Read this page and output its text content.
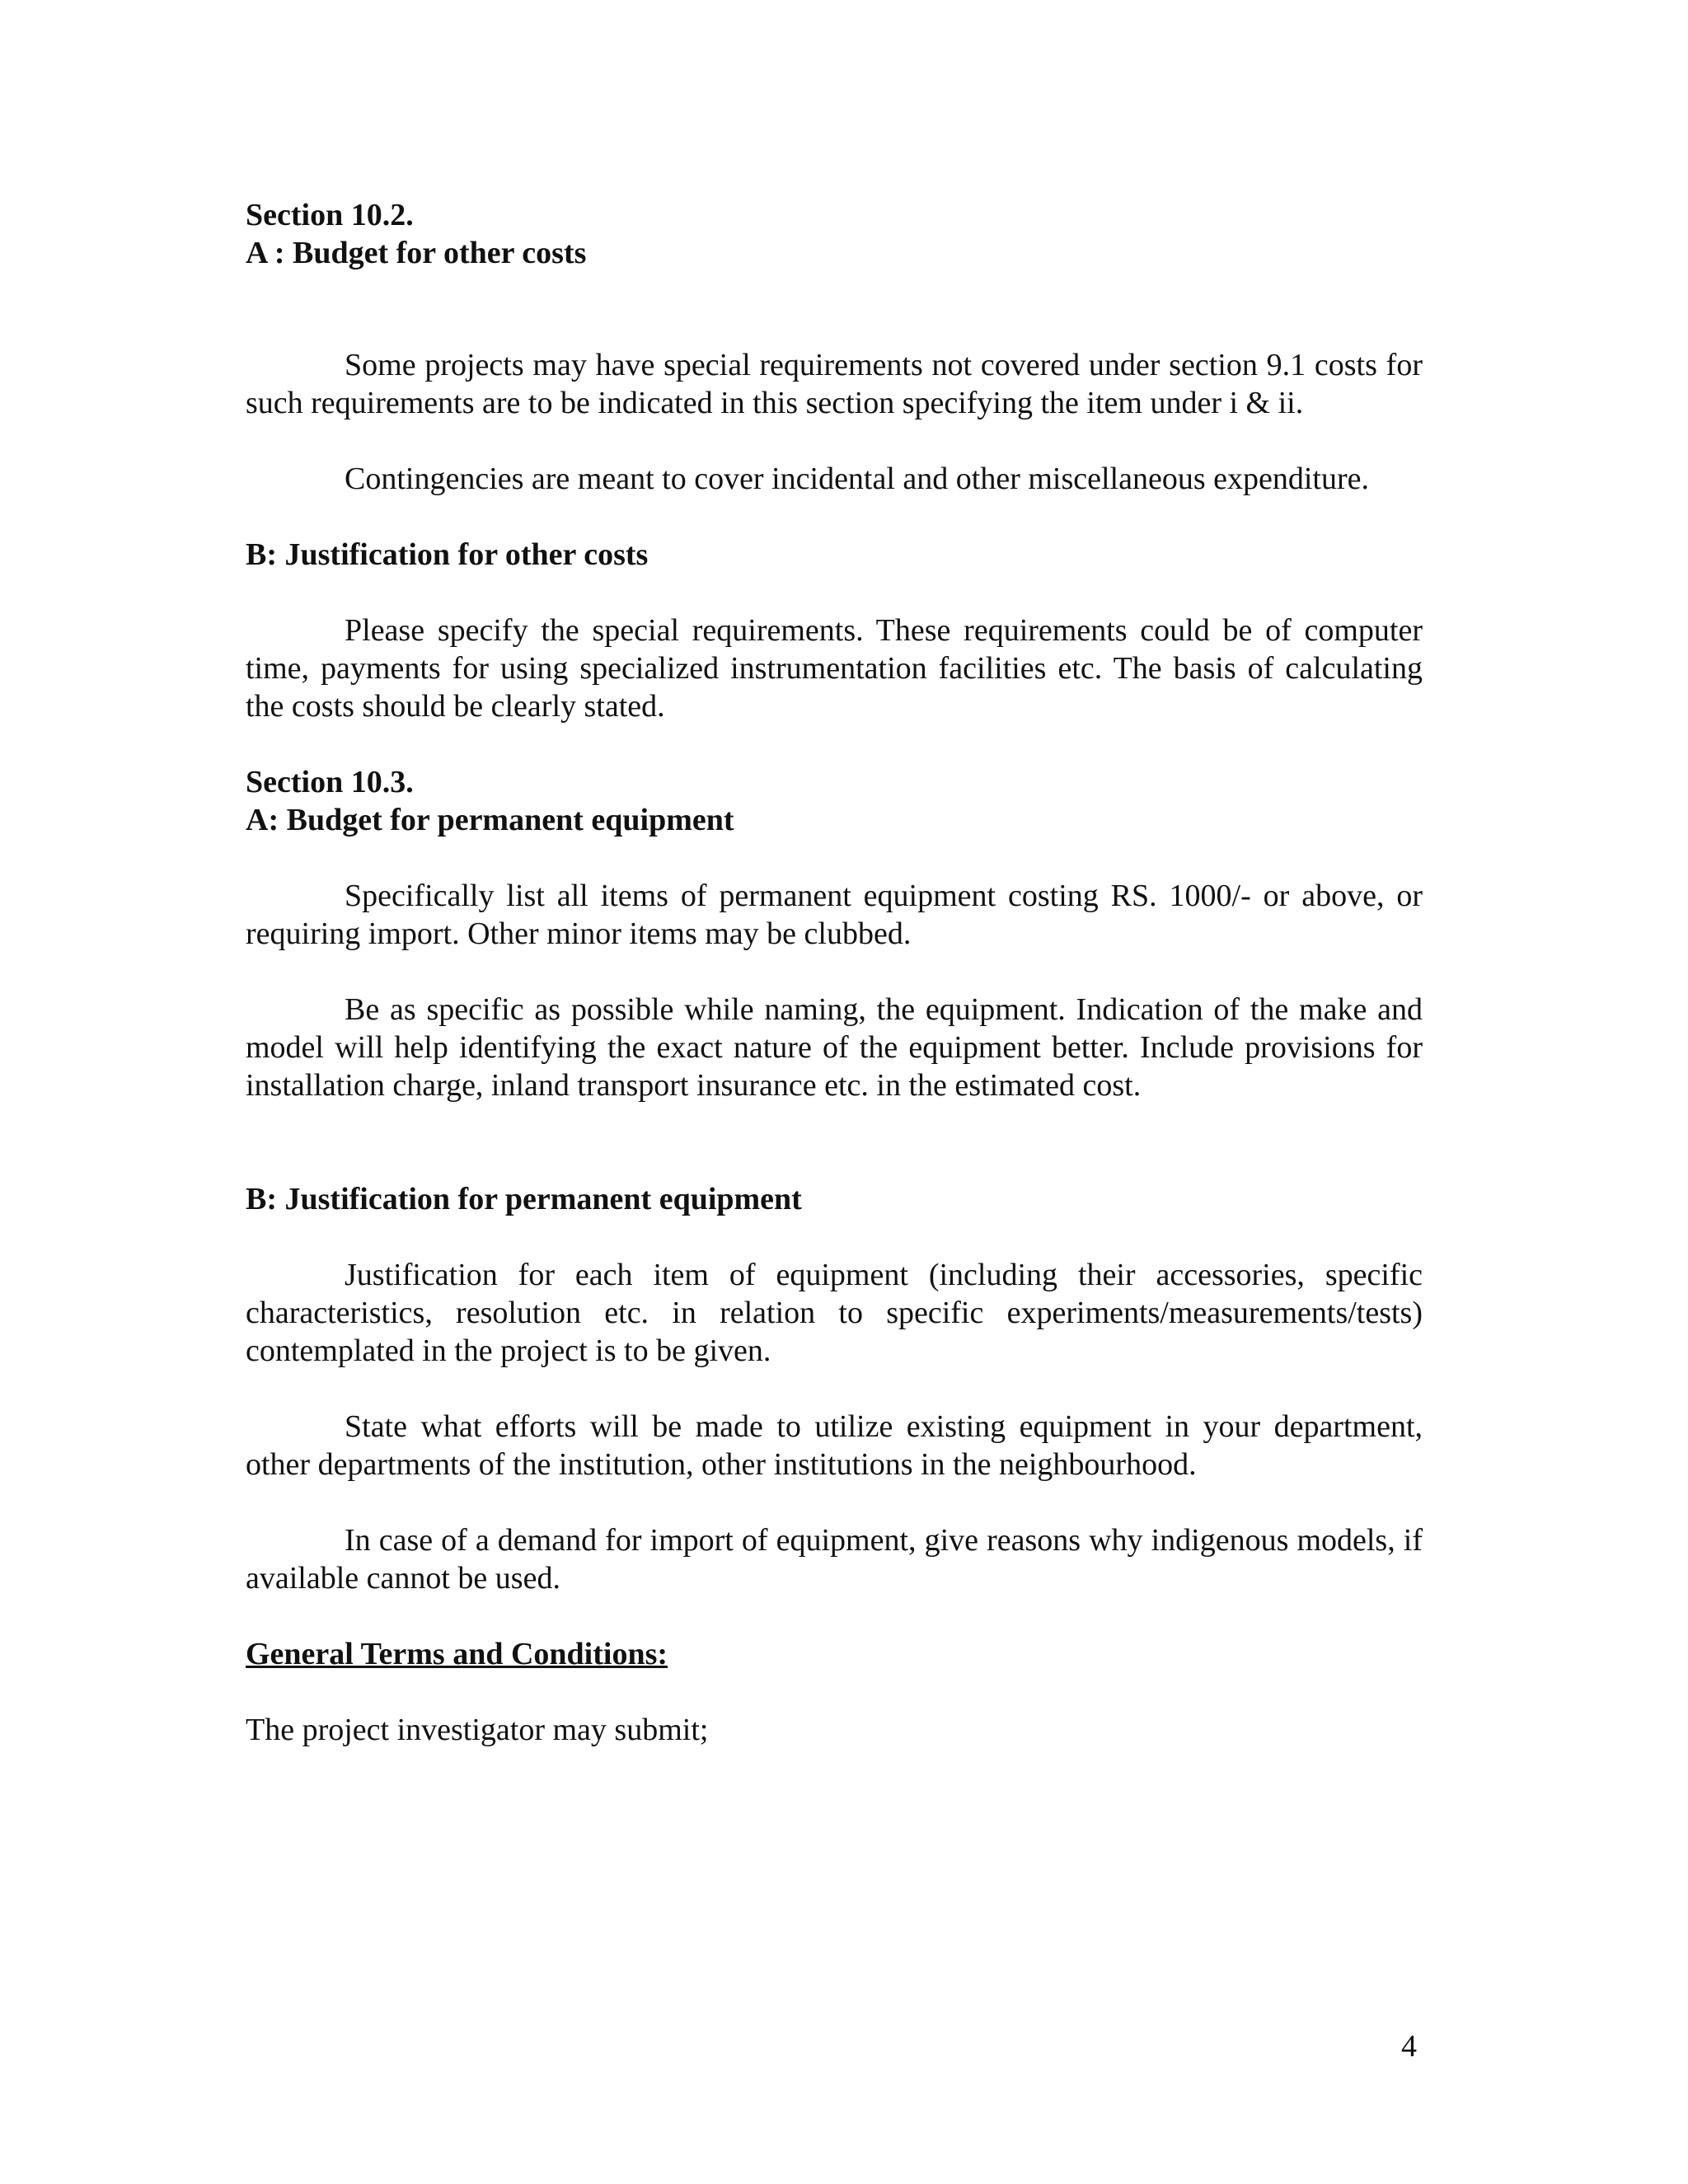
Section 10.2.
A : Budget for other costs

Some projects may have special requirements not covered under section 9.1 costs for such requirements are to be indicated in this section specifying the item under i & ii.

Contingencies are meant to cover incidental and other miscellaneous expenditure.

B: Justification for other costs

Please specify the special requirements. These requirements could be of computer time, payments for using specialized instrumentation facilities etc. The basis of calculating the costs should be clearly stated.

Section 10.3.
A: Budget for permanent equipment

Specifically list all items of permanent equipment costing RS. 1000/- or above, or requiring import. Other minor items may be clubbed.

Be as specific as possible while naming, the equipment. Indication of the make and model will help identifying the exact nature of the equipment better. Include provisions for installation charge, inland transport insurance etc. in the estimated cost.

B: Justification for permanent equipment

Justification for each item of equipment (including their accessories, specific characteristics, resolution etc. in relation to specific experiments/measurements/tests) contemplated in the project is to be given.

State what efforts will be made to utilize existing equipment in your department, other departments of the institution, other institutions in the neighbourhood.

In case of a demand for import of equipment, give reasons why indigenous models, if available cannot be used.

General Terms and Conditions:

The project investigator may submit;

4
